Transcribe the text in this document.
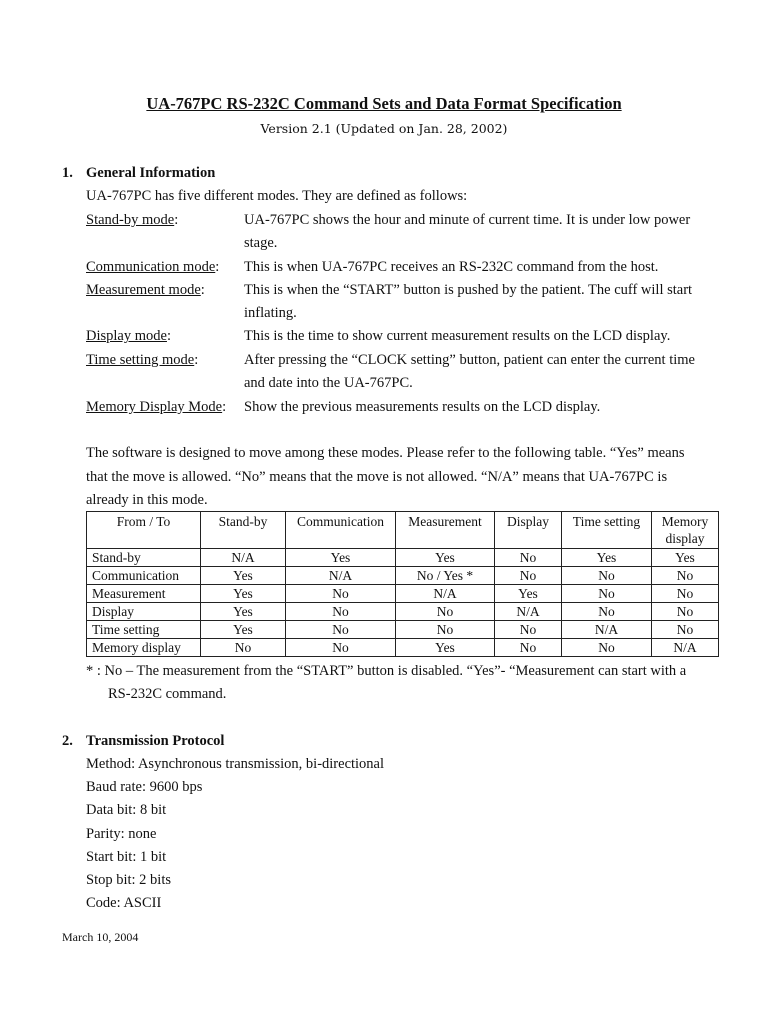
UA-767PC RS-232C Command Sets and Data Format Specification
Version 2.1 (Updated on Jan. 28, 2002)
1. General Information
UA-767PC has five different modes. They are defined as follows:
Stand-by mode:	UA-767PC shows the hour and minute of current time. It is under low power
stage.
Communication mode: This is when UA-767PC receives an RS-232C command from the host.
Measurement mode:	This is when the “START” button is pushed by the patient. The cuff will start
inflating.
Display mode:	This is the time to show current measurement results on the LCD display.
Time setting mode:	After pressing the “CLOCK setting” button, patient can enter the current time
and date into the UA-767PC.
Memory Display Mode: Show the previous measurements results on the LCD display.
The software is designed to move among these modes. Please refer to the following table. “Yes” means
that the move is allowed. “No” means that the move is not allowed. “N/A” means that UA-767PC is
already in this mode.
From / To	Stand-by	Communication	Measurement	Display	Time setting	Memory display
Stand-by	N/A	Yes	Yes	No	Yes	Yes
Communication	Yes	N/A	No / Yes *	No	No	No
Measurement	Yes	No	N/A	Yes	No	No
Display	Yes	No	No	N/A	No	No
Time setting	Yes	No	No	No	N/A	No
Memory display	No	No	Yes	No	No	N/A
* : No – The measurement from the “START” button is disabled. “Yes”- “Measurement can start with a
RS-232C command.
2. Transmission Protocol
Method: Asynchronous transmission, bi-directional
Baud rate: 9600 bps
Data bit: 8 bit
Parity: none
Start bit: 1 bit
Stop bit: 2 bits
Code: ASCII
March 10, 2004
